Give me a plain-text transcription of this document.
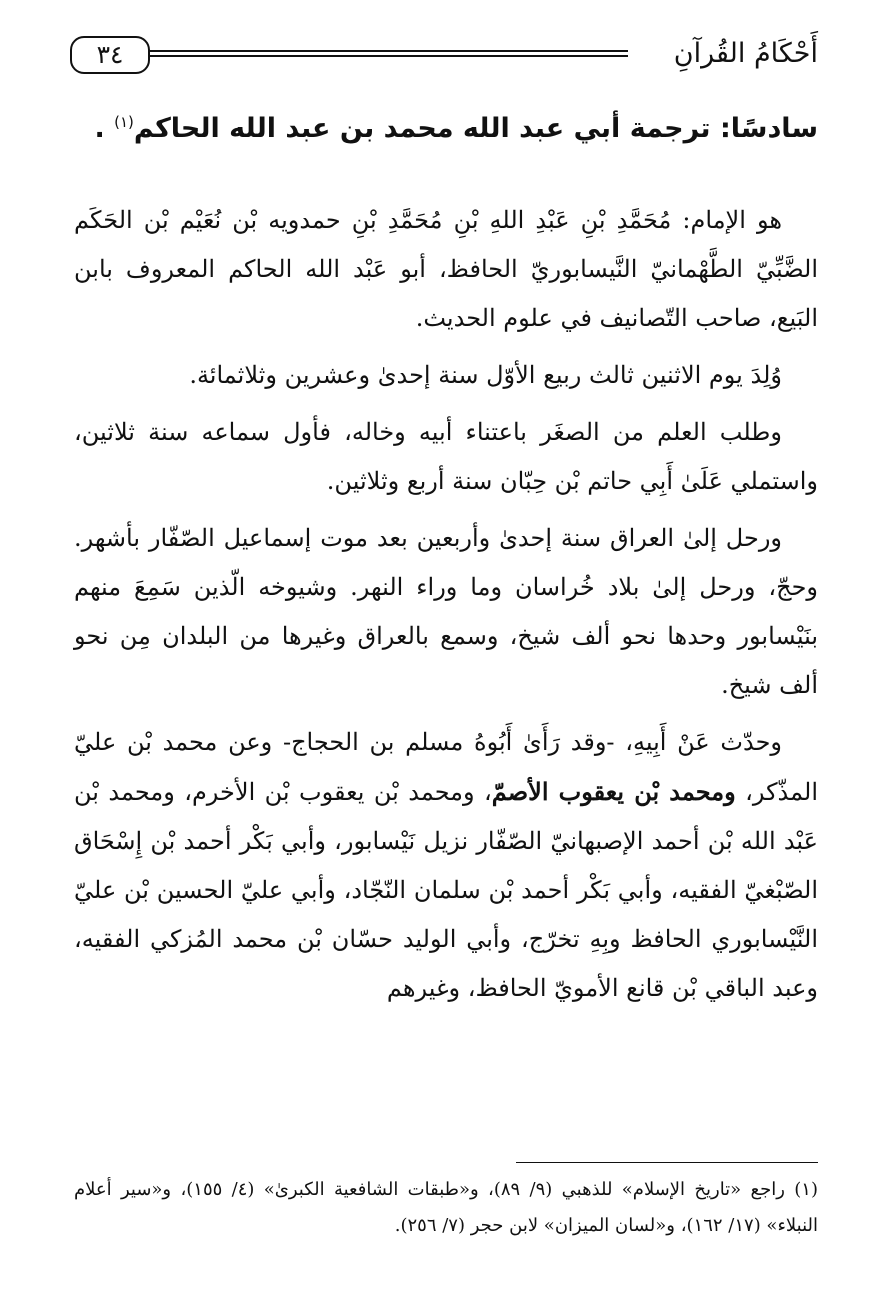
أَحْكَامُ القُرآنِ
٣٤
سادسًا: ترجمة أبي عبد الله محمد بن عبد الله الحاكم$^{(١)}$ .

هو الإمام: مُحَمَّدِ بْنِ عَبْدِ اللهِ بْنِ مُحَمَّدِ بْنِ حمدويه بْن نُعَيْم بْن الحَكَم الضَّبِّيّ الطَّهْمانيّ النَّيسابوريّ الحافظ، أبو عَبْد الله الحاكم المعروف بابن البَيع، صاحب التّصانيف في علوم الحديث.

وُلِدَ يوم الاثنين ثالث ربيع الأوّل سنة إحدىٰ وعشرين وثلاثمائة.

وطلب العلم من الصغَر باعتناء أبيه وخاله، فأول سماعه سنة ثلاثين، واستملي عَلَىٰ أَبِي حاتم بْن حِبّان سنة أربع وثلاثين.

ورحل إلىٰ العراق سنة إحدىٰ وأربعين بعد موت إسماعيل الصّفّار بأشهر. وحجّ، ورحل إلىٰ بلاد خُراسان وما وراء النهر. وشيوخه الّذين سَمِعَ منهم بنَيْسابور وحدها نحو ألف شيخ، وسمع بالعراق وغيرها من البلدان مِن نحو ألف شيخ.

وحدّث عَنْ أَبِيهِ، -وقد رَأَىٰ أَبُوهُ مسلم بن الحجاج- وعن محمد بْن عليّ المذّكر، ومحمد بْن يعقوب الأصمّ، ومحمد بْن يعقوب بْن الأخرم، ومحمد بْن عَبْد الله بْن أحمد الإصبهانيّ الصّفّار نزيل نَيْسابور، وأبي بَكْر أحمد بْن إِسْحَاق الصّبْغيّ الفقيه، وأبي بَكْر أحمد بْن سلمان النّجّاد، وأبي عليّ الحسين بْن عليّ النَّيْسابوري الحافظ وبِهِ تخرّج، وأبي الوليد حسّان بْن محمد المُزكي الفقيه، وعبد الباقي بْن قانع الأمويّ الحافظ، وغيرهم

(١) راجع «تاريخ الإسلام» للذهبي (٩/ ٨٩)، و«طبقات الشافعية الكبرىٰ» (٤/ ١٥٥)، و«سير أعلام النبلاء» (١٧/ ١٦٢)، و«لسان الميزان» لابن حجر (٧/ ٢٥٦).
